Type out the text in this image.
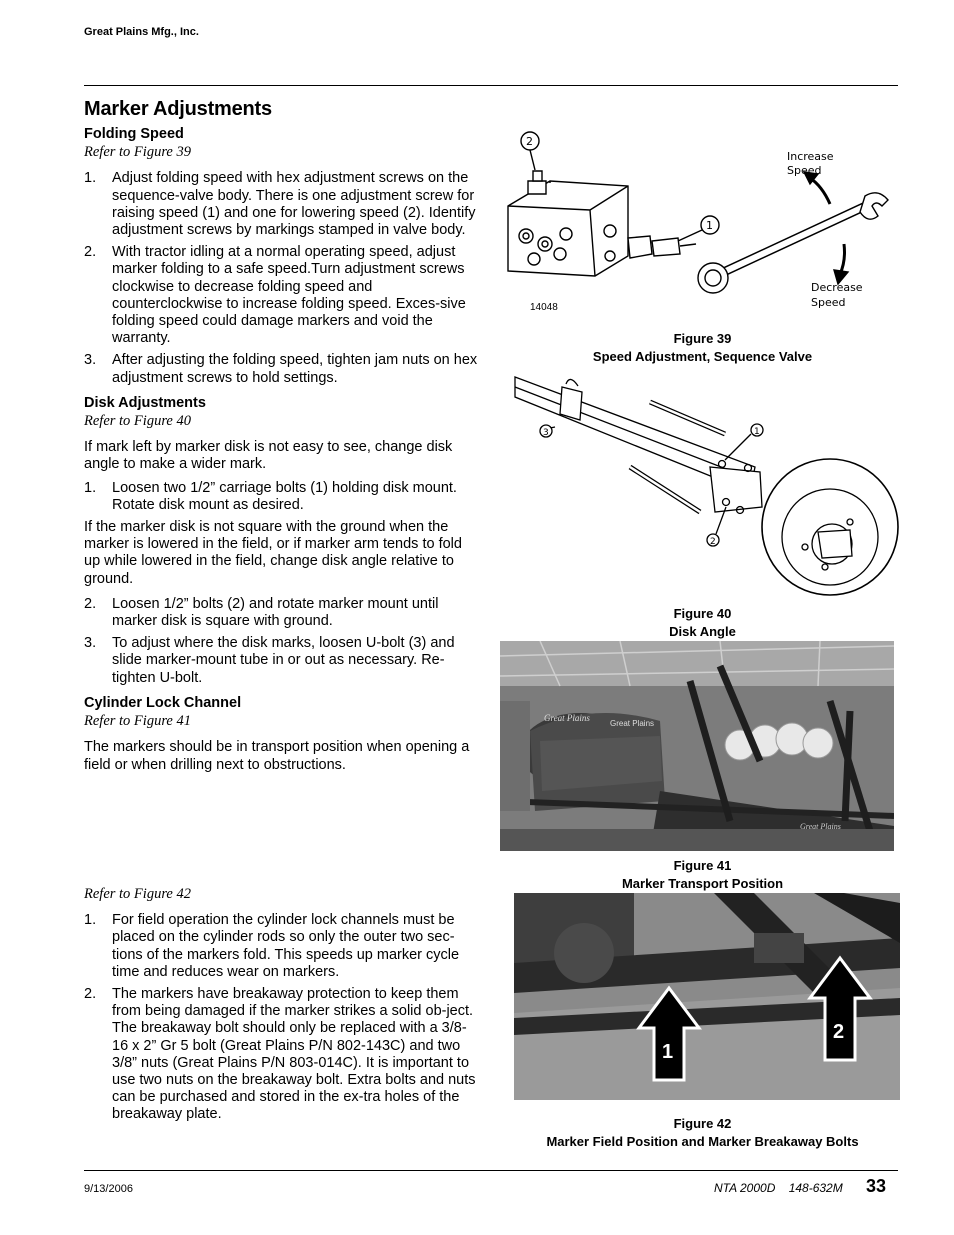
Great Plains Mfg., Inc.
Marker Adjustments
Folding Speed
Refer to Figure 39
1.	Adjust folding speed with hex adjustment screws on the sequence-valve body. There is one adjustment screw for raising speed (1) and one for lowering speed (2). Identify adjustment screws by markings stamped in valve body.
2.	With tractor idling at a normal operating speed, adjust marker folding to a safe speed.Turn adjustment screws clockwise to decrease folding speed and counterclockwise to increase folding speed. Exces-sive folding speed could damage markers and void the warranty.
3.	After adjusting the folding speed, tighten jam nuts on hex adjustment screws to hold settings.
Disk Adjustments
Refer to Figure 40
If mark left by marker disk is not easy to see, change disk angle to make a wider mark.
1.	Loosen two 1/2” carriage bolts (1) holding disk mount. Rotate disk mount as desired.
If the marker disk is not square with the ground when the marker is lowered in the field, or if marker arm tends to fold up while lowered in the field, change disk angle relative to ground.
2.	Loosen 1/2” bolts (2) and rotate marker mount until marker disk is square with ground.
3.	To adjust where the disk marks, loosen U-bolt (3) and slide marker-mount tube in or out as necessary. Re-tighten U-bolt.
Cylinder Lock Channel
Refer to Figure 41
The markers should be in transport position when opening a field or when drilling next to obstructions.
Refer to Figure 42
1.	For field operation the cylinder lock channels must be placed on the cylinder rods so only the outer two sec-tions of the markers fold. This speeds up marker cycle time and reduces wear on markers.
2.	The markers have breakaway protection to keep them from being damaged if the marker strikes a solid ob-ject. The breakaway bolt should only be replaced with a 3/8-16 x 2” Gr 5 bolt (Great Plains P/N 802-143C) and two 3/8” nuts (Great Plains P/N 803-014C). It is important to use two nuts on the breakaway bolt. Extra bolts and nuts can be purchased and stored in the ex-tra holes of the breakaway plate.
2
1
Increase
Speed
Decrease
Speed
14048
Figure 39
Speed Adjustment, Sequence Valve
1
2
3
Figure 40
Disk Angle
Great Plains
Great Plains
Great Plains
Figure 41
Marker Transport Position
1
2
Figure 42
Marker Field Position and Marker Breakaway Bolts
9/13/2006	NTA 2000D    148-632M 33
